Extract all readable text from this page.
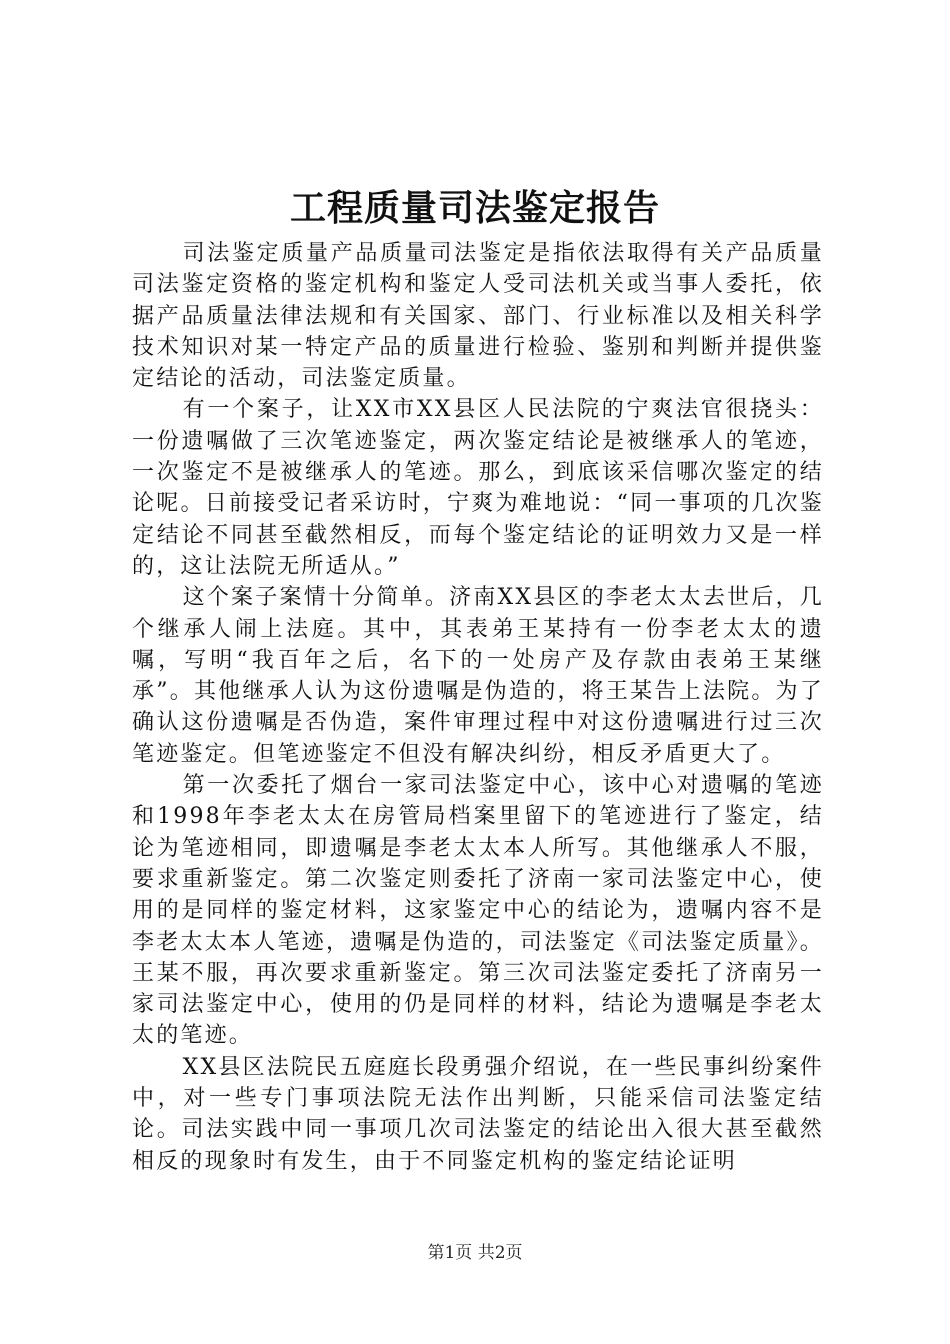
工程质量司法鉴定报告

司法鉴定质量产品质量司法鉴定是指依法取得有关产品质量司法鉴定资格的鉴定机构和鉴定人受司法机关或当事人委托，依据产品质量法律法规和有关国家、部门、行业标准以及相关科学技术知识对某一特定产品的质量进行检验、鉴别和判断并提供鉴定结论的活动，司法鉴定质量。

有一个案子，让XX市XX县区人民法院的宁爽法官很挠头：一份遗嘱做了三次笔迹鉴定，两次鉴定结论是被继承人的笔迹，一次鉴定不是被继承人的笔迹。那么，到底该采信哪次鉴定的结论呢。日前接受记者采访时，宁爽为难地说：“同一事项的几次鉴定结论不同甚至截然相反，而每个鉴定结论的证明效力又是一样的，这让法院无所适从。”

这个案子案情十分简单。济南XX县区的李老太太去世后，几个继承人闹上法庭。其中，其表弟王某持有一份李老太太的遗嘱，写明“我百年之后，名下的一处房产及存款由表弟王某继承”。其他继承人认为这份遗嘱是伪造的，将王某告上法院。为了确认这份遗嘱是否伪造，案件审理过程中对这份遗嘱进行过三次笔迹鉴定。但笔迹鉴定不但没有解决纠纷，相反矛盾更大了。

第一次委托了烟台一家司法鉴定中心，该中心对遗嘱的笔迹和1998年李老太太在房管局档案里留下的笔迹进行了鉴定，结论为笔迹相同，即遗嘱是李老太太本人所写。其他继承人不服，要求重新鉴定。第二次鉴定则委托了济南一家司法鉴定中心，使用的是同样的鉴定材料，这家鉴定中心的结论为，遗嘱内容不是李老太太本人笔迹，遗嘱是伪造的，司法鉴定《司法鉴定质量》。王某不服，再次要求重新鉴定。第三次司法鉴定委托了济南另一家司法鉴定中心，使用的仍是同样的材料，结论为遗嘱是李老太太的笔迹。

XX县区法院民五庭庭长段勇强介绍说，在一些民事纠纷案件中，对一些专门事项法院无法作出判断，只能采信司法鉴定结论。司法实践中同一事项几次司法鉴定的结论出入很大甚至截然相反的现象时有发生，由于不同鉴定机构的鉴定结论证明

第1页 共2页
